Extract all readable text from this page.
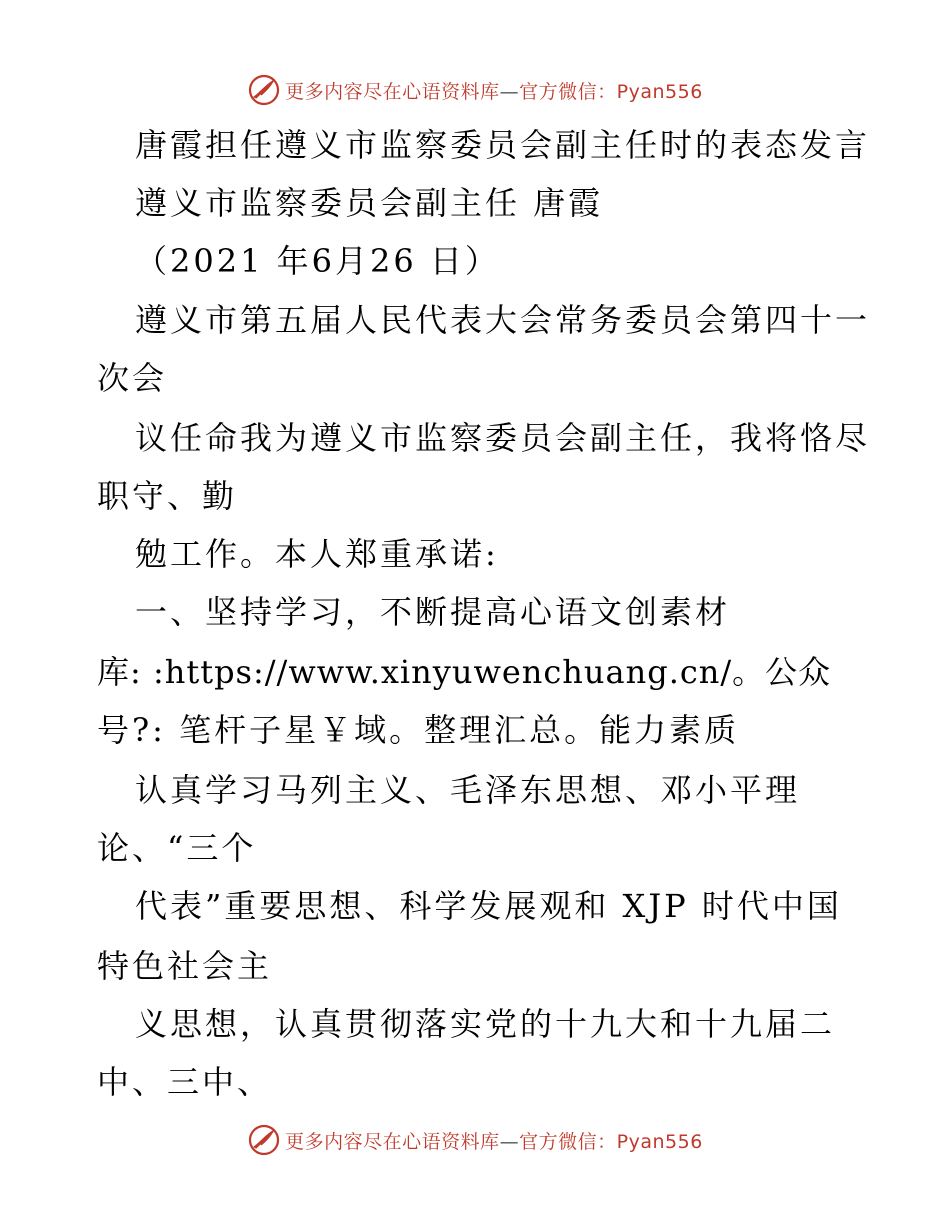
更多内容尽在心语资料库—官方微信：Pyan556
唐霞担任遵义市监察委员会副主任时的表态发言
遵义市监察委员会副主任 唐霞
（2021 年6月26 日）
遵义市第五届人民代表大会常务委员会第四十一
次会
议任命我为遵义市监察委员会副主任，我将恪尽
职守、勤
勉工作。本人郑重承诺:
一、坚持学习，不断提高心语文创素材
库: :https://www.xinyuwenchuang.cn/。公众
号?: 笔杆子星￥域。整理汇总。能力素质
认真学习马列主义、毛泽东思想、邓小平理
论、“三个
代表”重要思想、科学发展观和 XJP 时代中国
特色社会主
义思想，认真贯彻落实党的十九大和十九届二
中、三中、
更多内容尽在心语资料库—官方微信：Pyan556
